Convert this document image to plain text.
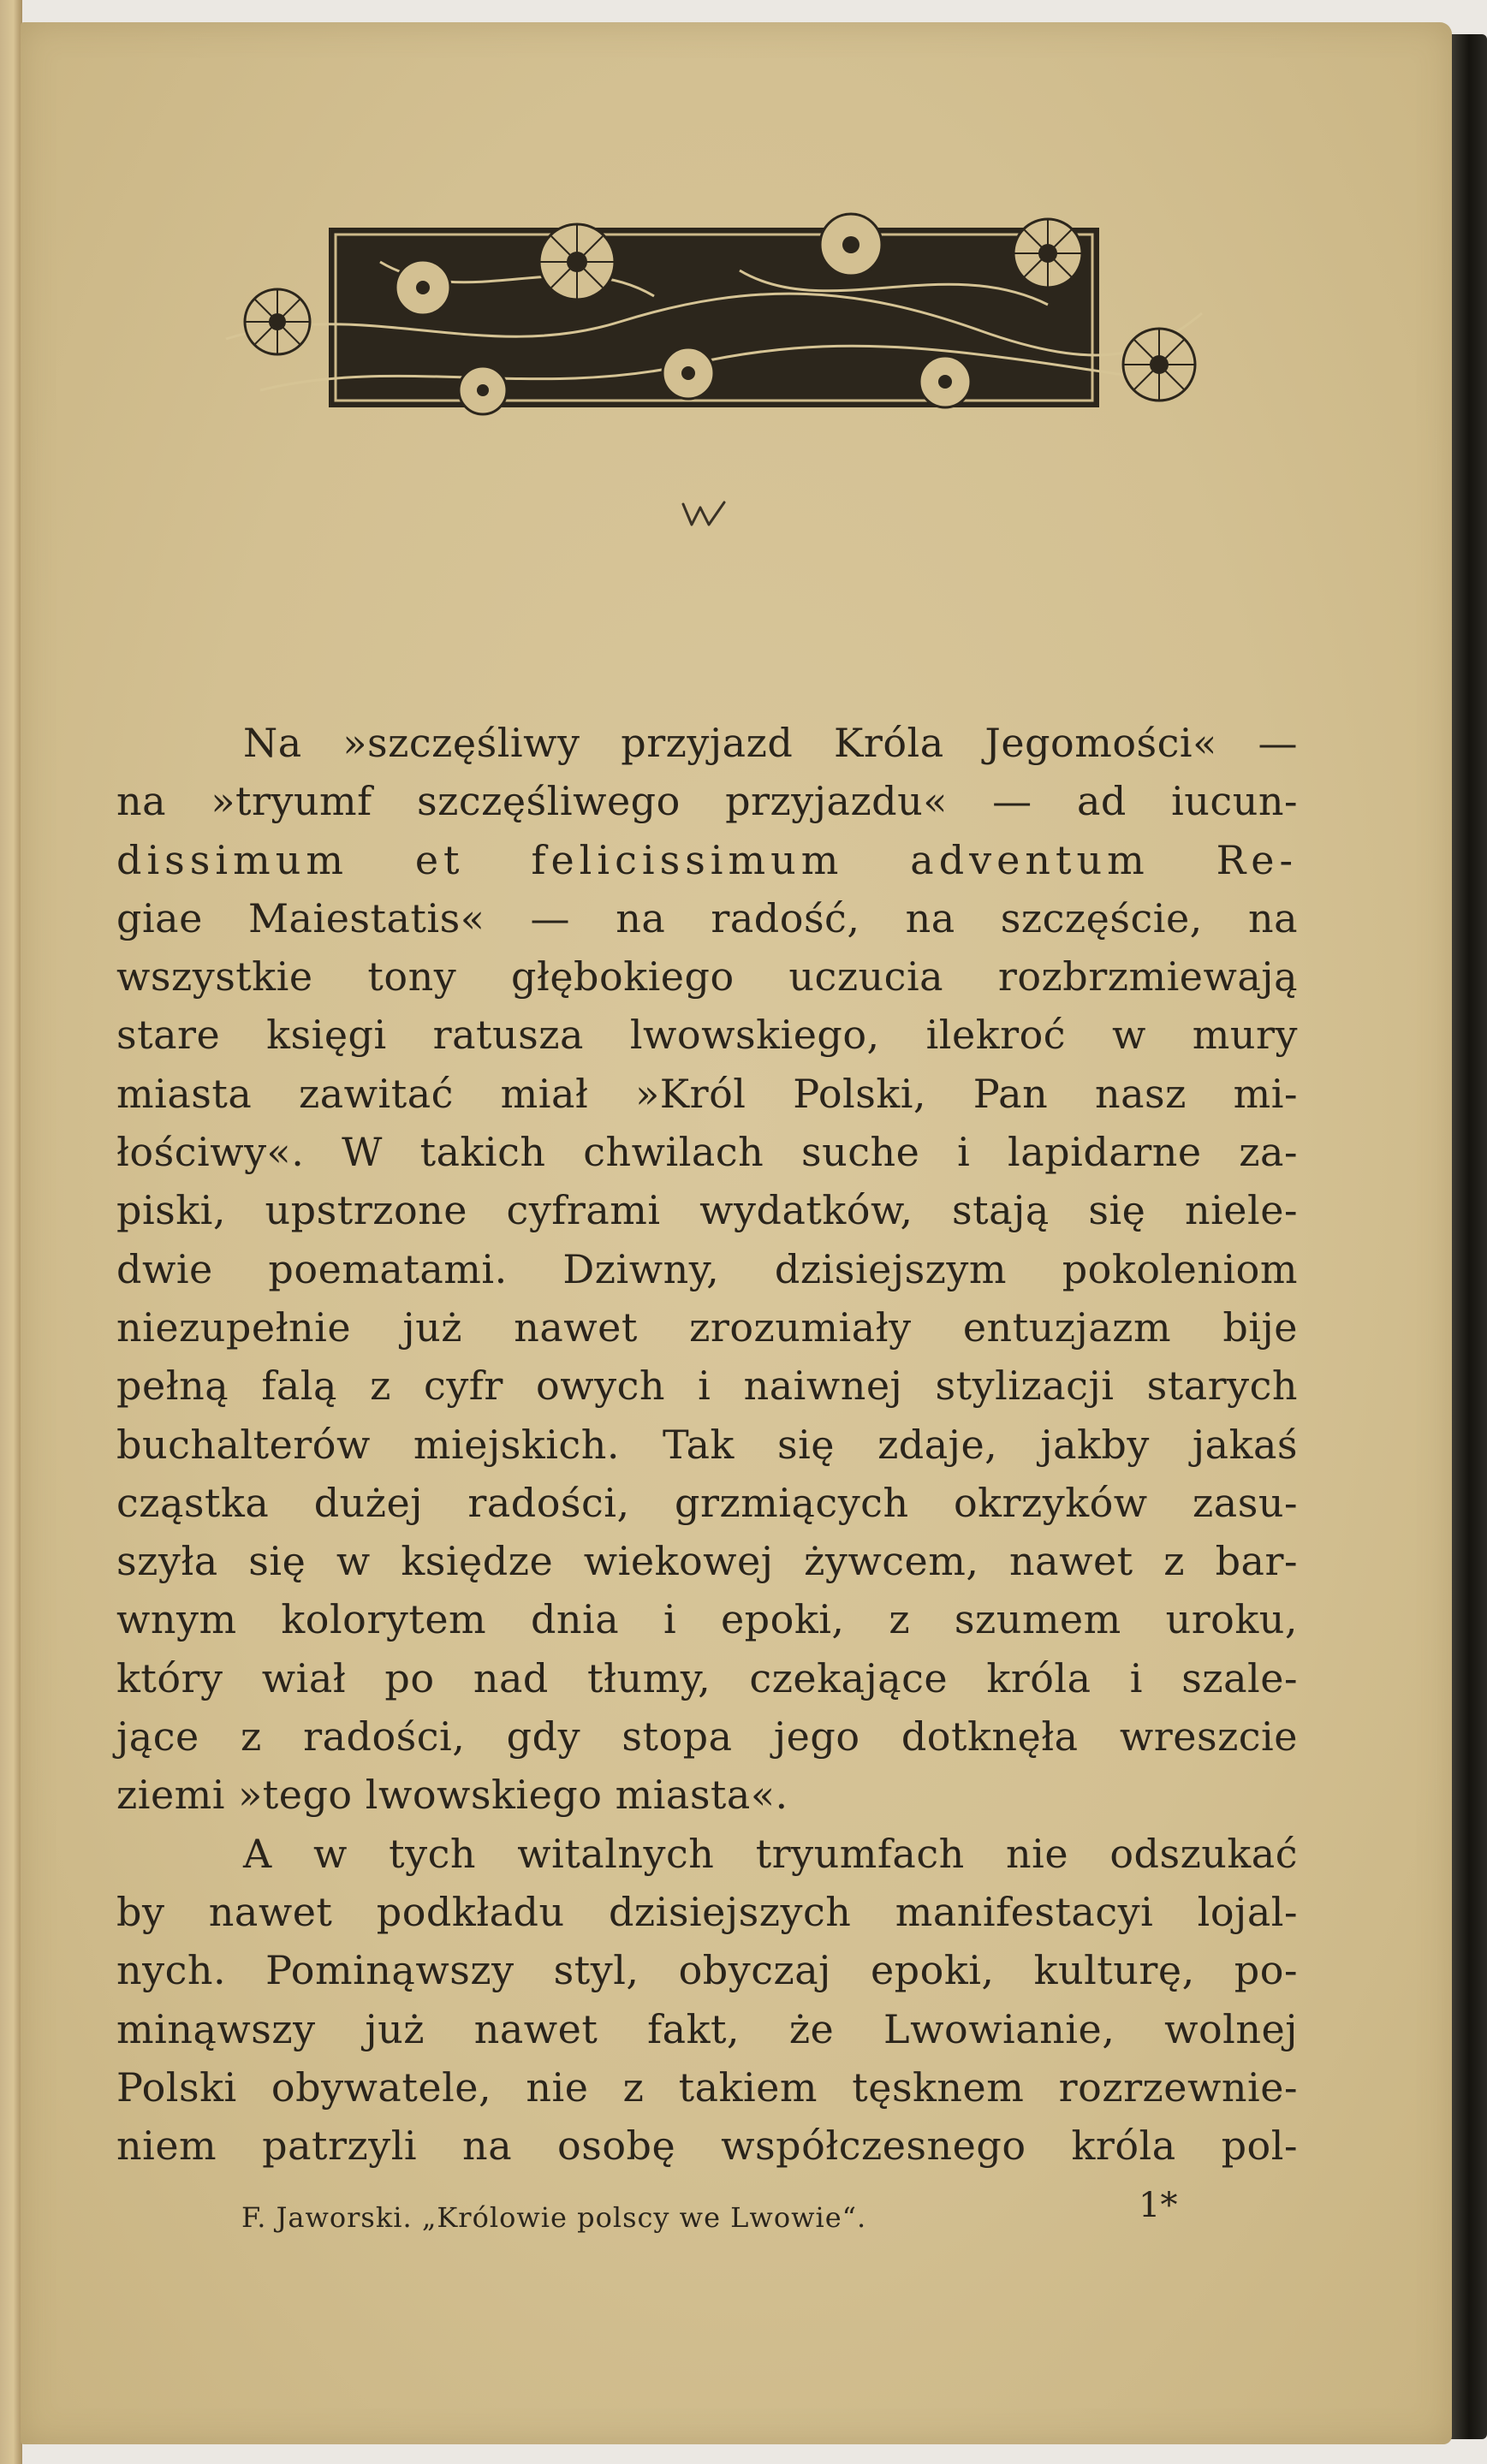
Na »szczęśliwy przyjazd Króla Jegomości« —
na »tryumf szczęśliwego przyjazdu« — ad iucun-
dissimum et felicissimum adventum Re-
giae Maiestatis« — na radość, na szczęście, na
wszystkie tony głębokiego uczucia rozbrzmiewają
stare księgi ratusza lwowskiego, ilekroć w mury
miasta zawitać miał »Król Polski, Pan nasz mi-
łościwy«. W takich chwilach suche i lapidarne za-
piski, upstrzone cyframi wydatków, stają się niele-
dwie poematami. Dziwny, dzisiejszym pokoleniom
niezupełnie już nawet zrozumiały entuzjazm bije
pełną falą z cyfr owych i naiwnej stylizacji starych
buchalterów miejskich. Tak się zdaje, jakby jakaś
cząstka dużej radości, grzmiących okrzyków zasu-
szyła się w księdze wiekowej żywcem, nawet z bar-
wnym kolorytem dnia i epoki, z szumem uroku,
który wiał po nad tłumy, czekające króla i szale-
jące z radości, gdy stopa jego dotknęła wreszcie
ziemi »tego lwowskiego miasta«.
A w tych witalnych tryumfach nie odszukać
by nawet podkładu dzisiejszych manifestacyi lojal-
nych. Pominąwszy styl, obyczaj epoki, kulturę, po-
minąwszy już nawet fakt, że Lwowianie, wolnej
Polski obywatele, nie z takiem tęsknem rozrzewnie-
niem patrzyli na osobę współczesnego króla pol-
F. Jaworski. „Królowie polscy we Lwowie“.	1*
